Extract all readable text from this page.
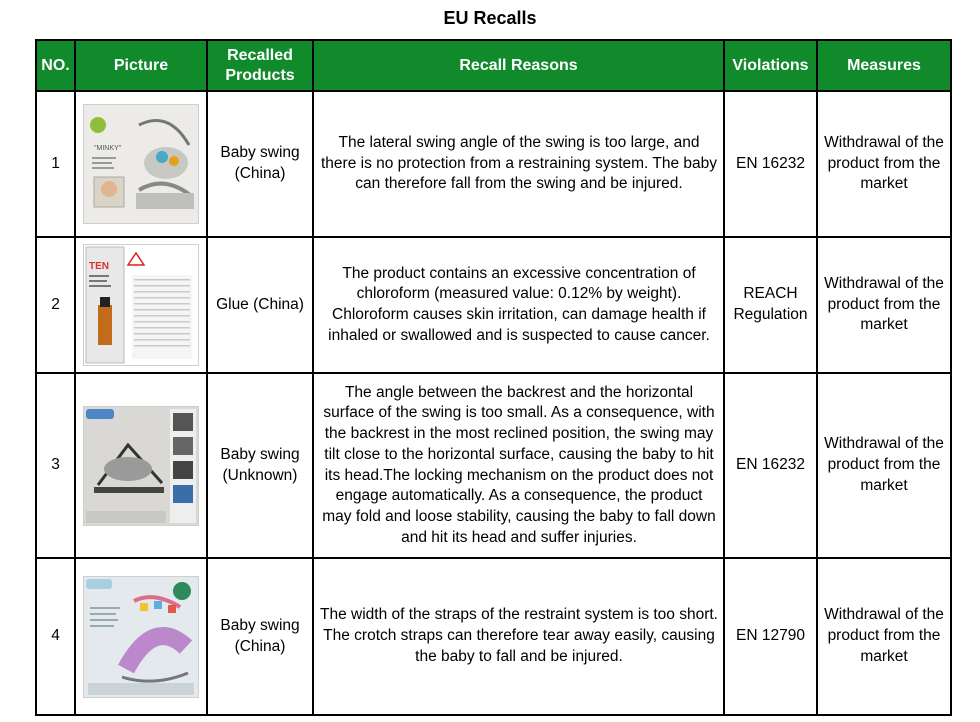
EU Recalls
NO.	Picture	Recalled Products	Recall Reasons	Violations	Measures
1	"MINKY"	Baby swing (China)	The lateral swing angle of the swing is too large, and there is no protection from a restraining system. The baby can therefore fall from the swing and be injured.	EN 16232	Withdrawal of the product from the market
2	TEN	Glue (China)	The product contains an excessive concentration of chloroform (measured value: 0.12% by weight). Chloroform causes skin irritation, can damage health if inhaled or swallowed and is suspected to cause cancer.	REACH Regulation	Withdrawal of the product from the market
3		Baby swing (Unknown)	The angle between the backrest and the horizontal surface of the swing is too small. As a consequence, with the backrest in the most reclined position, the swing may tilt close to the horizontal surface, causing the baby to hit its head.The locking mechanism on the product does not engage automatically. As a consequence, the product may fold and loose stability, causing the baby to fall down and hit its head and suffer injuries.	EN 16232	Withdrawal of the product from the market
4		Baby swing (China)	The width of the straps of the restraint system is too short. The crotch straps can therefore tear away easily, causing the baby to fall and be injured.	EN 12790	Withdrawal of the product from the market
